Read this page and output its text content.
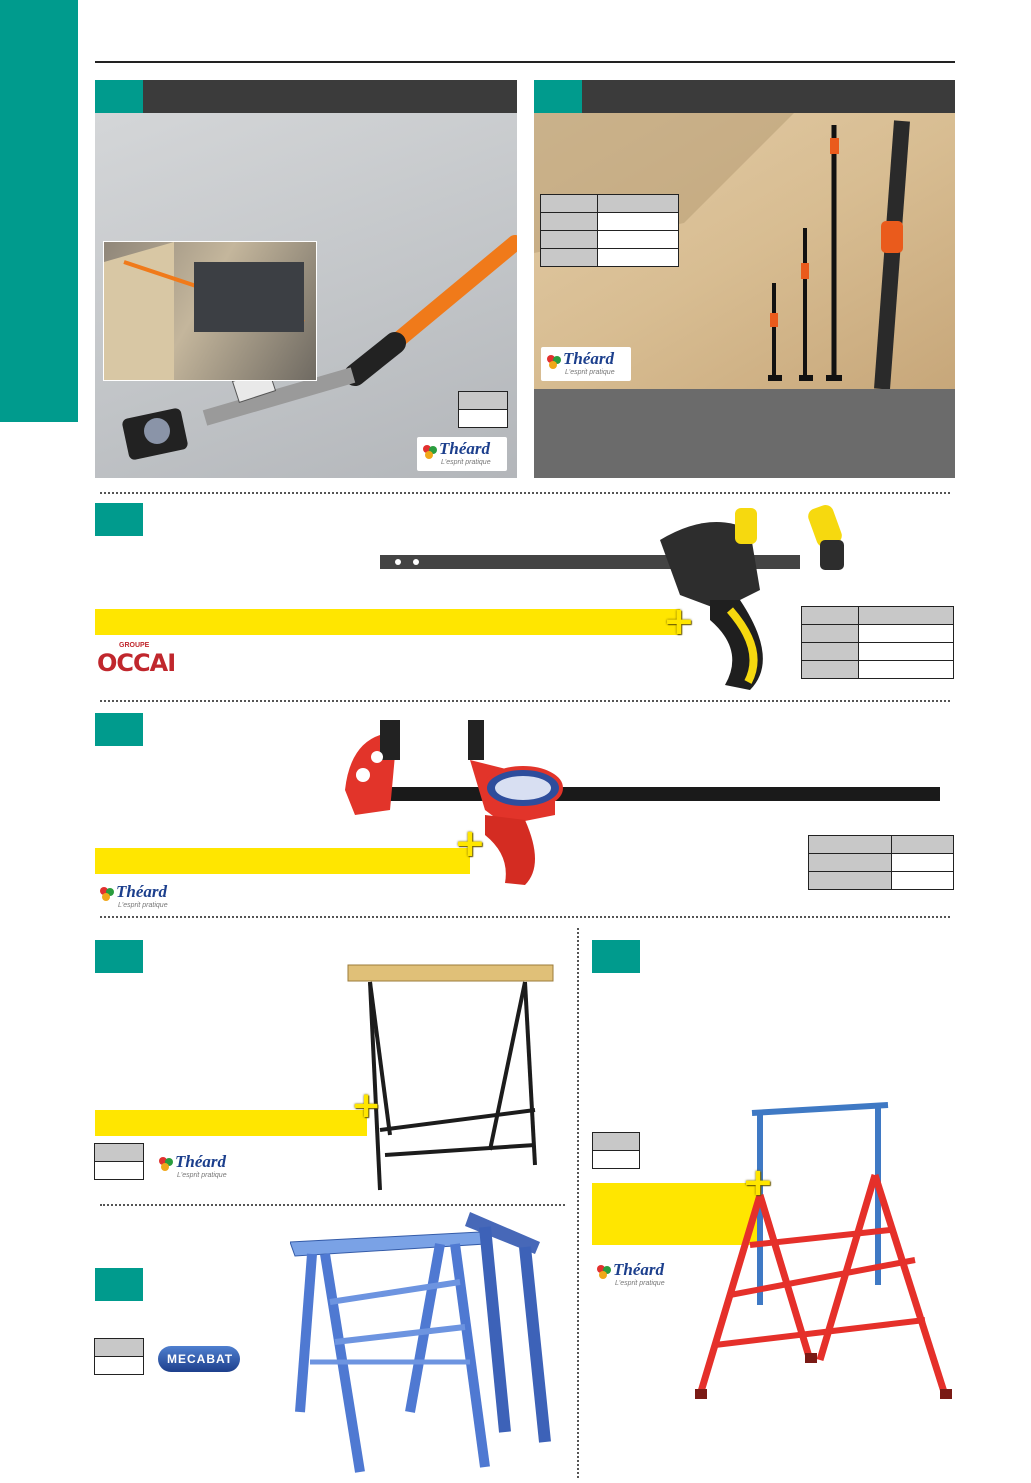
Théard
L'esprit pratique

Théard
L'esprit pratique
+

GROUPE
OCCAI
+

Théard
L'esprit pratique
+

Théard
L'esprit pratique

MECABAT

Théard
L'esprit pratique
+
